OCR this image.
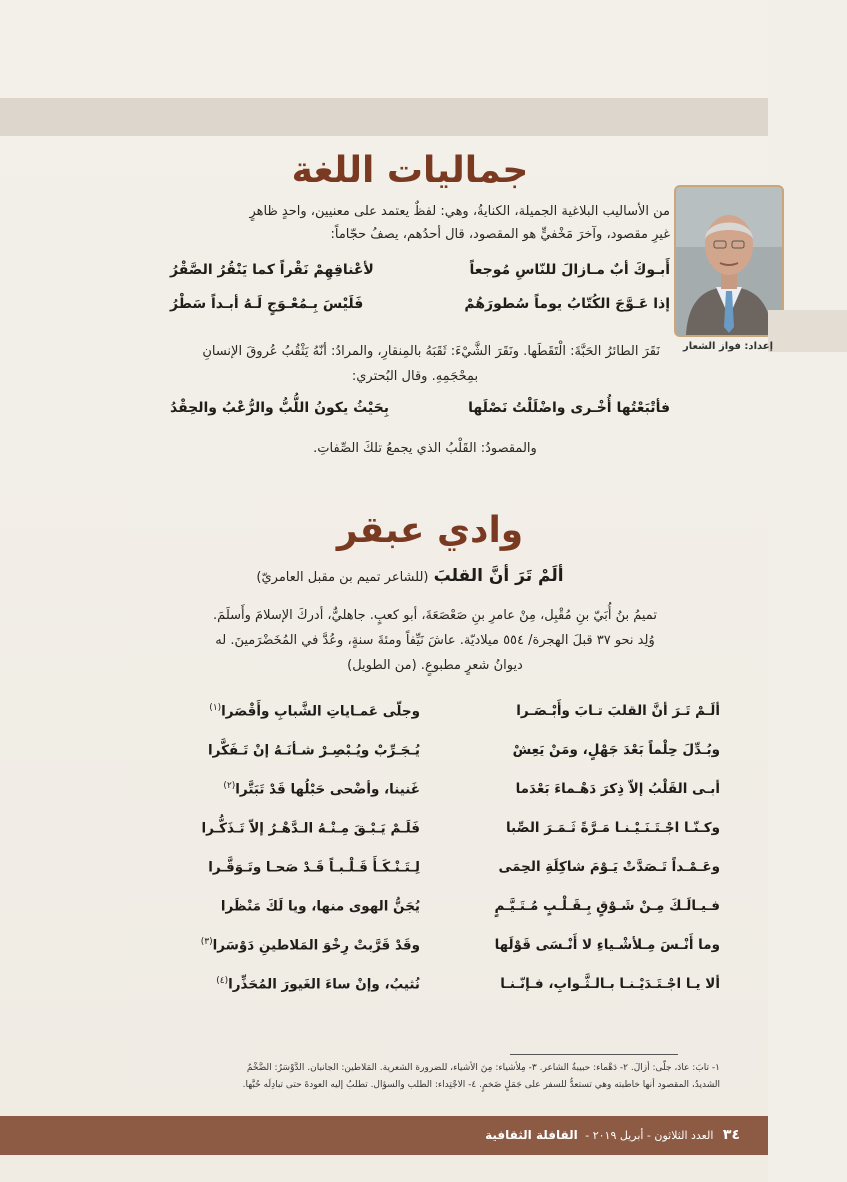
جماليات اللغة
إعداد: فواز الشعار
من الأساليب البلاغية الجميلة، الكنايةُ، وهي: لفظٌ يعتمد على معنيين، واحدٍ ظاهرٍ
غيرِ مقصود، وآخرَ مَخْفيٍّ هو المقصود، قال أحدُهم، يصفُ حجّاماً:
أَبـوكَ أبٌ مـازالَ للنّاسِ مُوجعاً
لأعْناقِهِمْ نَقْراً كما يَنْقُرُ الصَّقْرُ
إذا عَـوَّجَ الكُتّابُ يوماً سُطورَهُمْ
فَلَيْسَ بِـمُعْـوَجٍ لَـهُ أبـداً سَطْرُ
نَقَرَ الطائرُ الحَبَّةَ: الْتَقَطَها. ونَقَرَ الشَّيْءَ: ثَقَبَهُ بالمِنقارِ، والمرادُ: أنّهُ يَثْقُبُ عُروقَ الإنسانِ
بمِحْجَمِهِ. وقال البُحتري:
فأتْبَعْتُها أُخْـرى واضْلَلْتُ نَصْلَها
بِحَيْثُ يكونُ اللُّبُّ والرُّعْبُ والحِقْدُ
والمقصودُ: القَلْبُ الذي يجمعُ تلكَ الصِّفاتِ.
وادي عبقر
ألَمْ تَرَ أنَّ القلبَ (للشاعر تميم بن مقبل العامريّ)
تميمُ بنُ أُبَيّ بنِ مُقْبِل، مِنْ عامرِ بنِ صَعْصَعَةَ، أبو كعبٍ. جاهليٌّ، أدركَ الإسلامَ وأَسلَمَ.
وُلِد نحو ٣٧ قبلَ الهجرة/ ٥٥٤ ميلاديّة. عاشَ نَيِّفاً ومئةَ سنةٍ، وعُدَّ في المُخَضْرَمينَ. له
ديوانُ شعرٍ مطبوعٍ. (من الطويل)
ألَـمْ تَـرَ أنَّ القلبَ تـابَ وأَبْـصَـرا
وجلّى عَمـاياتِ الشَّبابِ وأَقْصَرا$^{(١)}$
وبُـدِّلَ حِلْماً بَعْدَ جَهْلٍ، ومَنْ يَعِشْ
يُـجَـرِّبْ ويُـبْصِـرْ شـأنَـهُ إنْ تَـفَكَّرا
أبـى القَلْبُ إلاّ ذِكرَ دَهْـماءَ بَعْدَما
غَنينا، وأضْحى حَبْلُها قَدْ تَبَتَّرا$^{(٢)}$
وكـنّـا اجْـتَـنَـيْـنـا مَـرَّةً ثَـمَـرَ الصِّبا
فَلَـمْ يَـبْـقَ مِـنْـهُ الـدَّهْـرُ إلاّ تَـذَكُّـرا
وعَـمْـداً تَـصَدَّتْ يَـوْمَ شاكِلَةِ الحِمَى
لِـتَـنْـكَـأَ قَـلْـبـاً قَـدْ صَحـا وتَـوَقَّـرا
فـيـالَـكَ مِـنْ شَـوْقٍ بِـقَـلْـبٍ مُـتَـيَّـمٍ
يُجَنُّ الهوى منها، ويا لَكَ مَنْظَرا
وما أَنْـسَ مِـلأشْـياءِ لا أَنْـسَى قَوْلَها
وقَدْ قَرَّبتْ رِخْوَ المَلاطينِ دَوْسَرا$^{(٣)}$
ألا يـا اجْـتَـدَيْـنـا بـالـثَّـوابِ، فـإنّـنـا
نُثيبُ، وإنْ ساءَ الغَيورَ المُحَذِّرا$^{(٤)}$
١- تابَ: عادَ، جلّى: أزالَ. ٢- دَهْماء: حبيبةُ الشاعر. ٣- مِلأشياء: مِنَ الأشياء، للضرورة الشعرية. المَلاطين: الجانبان. الدَّوْسَرُ: الضَّخْمُ
الشديدُ، المقصود أنها خاطبته وهي تستعدُّ للسفر على جَمَلٍ ضَخمٍ. ٤- الاجْتِداء: الطلب والسؤال. تطلبُ إليه العودةَ حتى تبادِلَه حُبَّها.
٣٤ العدد الثلاثون - أبريل ٢٠١٩ - القافلة الثقافية
